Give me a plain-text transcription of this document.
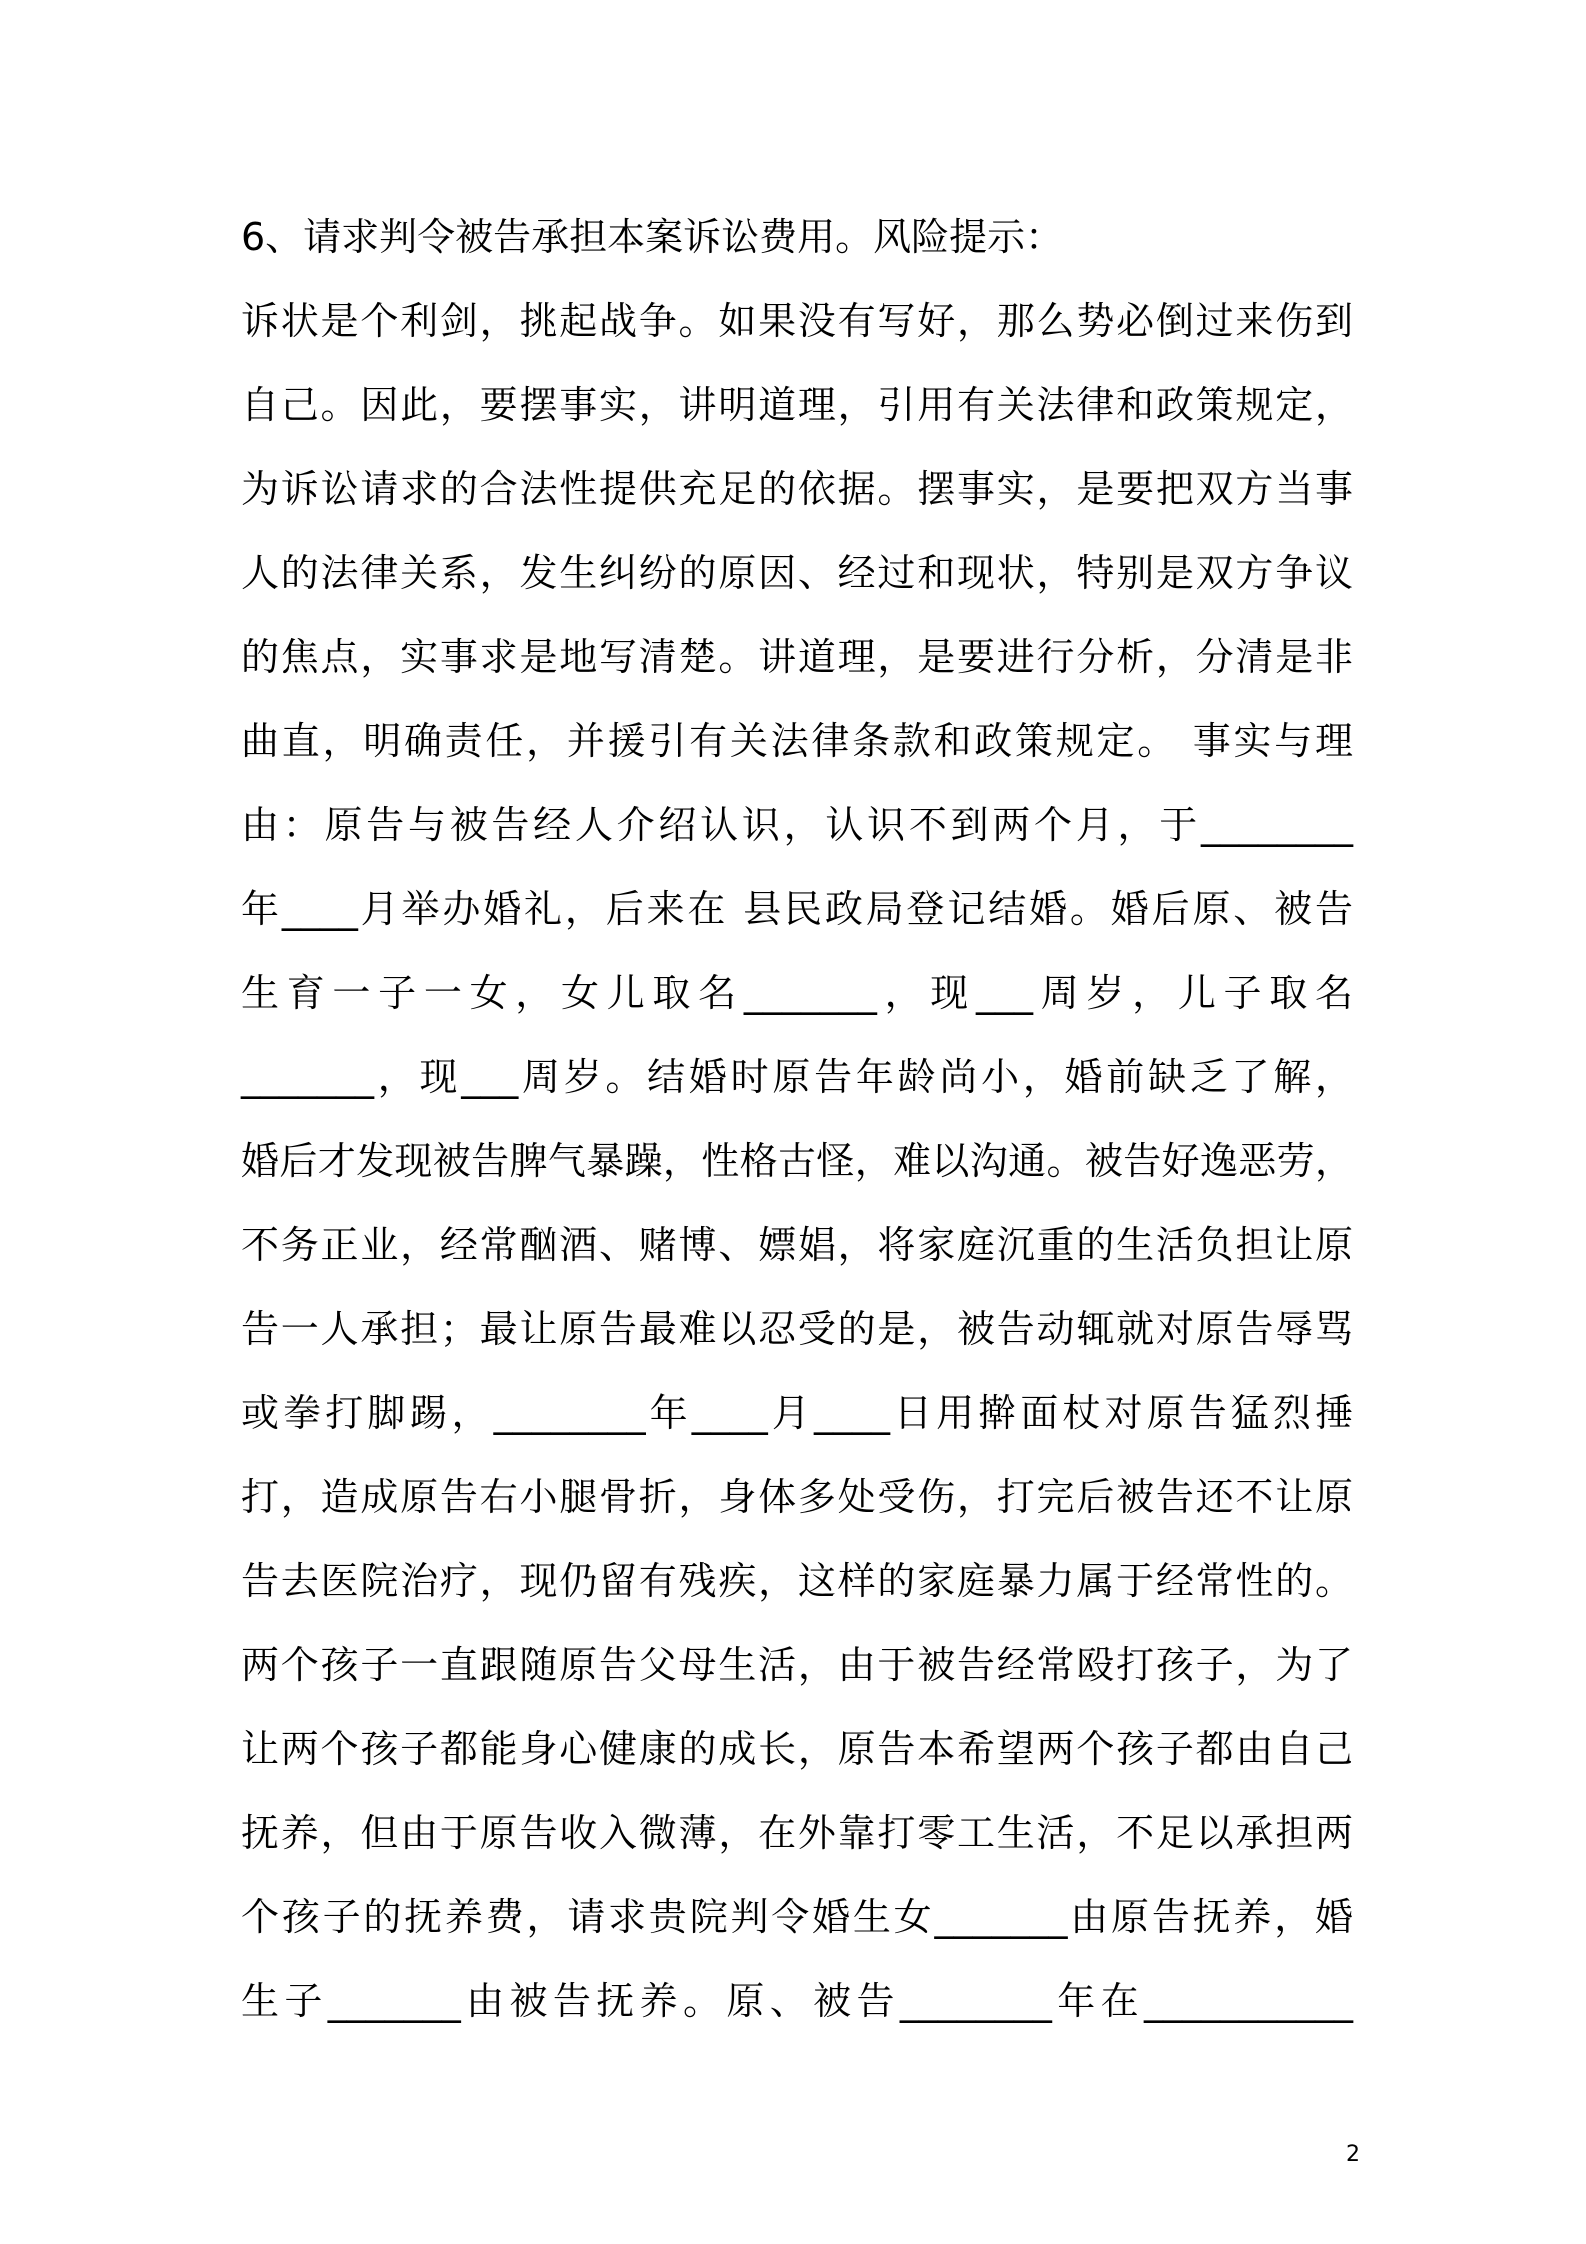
6、请求判令被告承担本案诉讼费用。风险提示：
诉状是个利剑，挑起战争。如果没有写好，那么势必倒过来伤到
自己。因此，要摆事实，讲明道理，引用有关法律和政策规定，
为诉讼请求的合法性提供充足的依据。摆事实，是要把双方当事
人的法律关系，发生纠纷的原因、经过和现状，特别是双方争议
的焦点，实事求是地写清楚。讲道理，是要进行分析，分清是非
曲直，明确责任，并援引有关法律条款和政策规定。 事实与理
由：原告与被告经人介绍认识，认识不到两个月，于________
年____月举办婚礼，后来在 县民政局登记结婚。婚后原、被告
生育一子一女，女儿取名_______，现___周岁，儿子取名
_______，现___周岁。结婚时原告年龄尚小，婚前缺乏了解，
婚后才发现被告脾气暴躁，性格古怪，难以沟通。被告好逸恶劳，
不务正业，经常酗酒、赌博、嫖娼，将家庭沉重的生活负担让原
告一人承担；最让原告最难以忍受的是，被告动辄就对原告辱骂
或拳打脚踢，________年____月____日用擀面杖对原告猛烈捶
打，造成原告右小腿骨折，身体多处受伤，打完后被告还不让原
告去医院治疗，现仍留有残疾，这样的家庭暴力属于经常性的。
两个孩子一直跟随原告父母生活，由于被告经常殴打孩子，为了
让两个孩子都能身心健康的成长，原告本希望两个孩子都由自己
抚养，但由于原告收入微薄，在外靠打零工生活，不足以承担两
个孩子的抚养费，请求贵院判令婚生女_______由原告抚养，婚
生子_______由被告抚养。原、被告________年在___________
2
